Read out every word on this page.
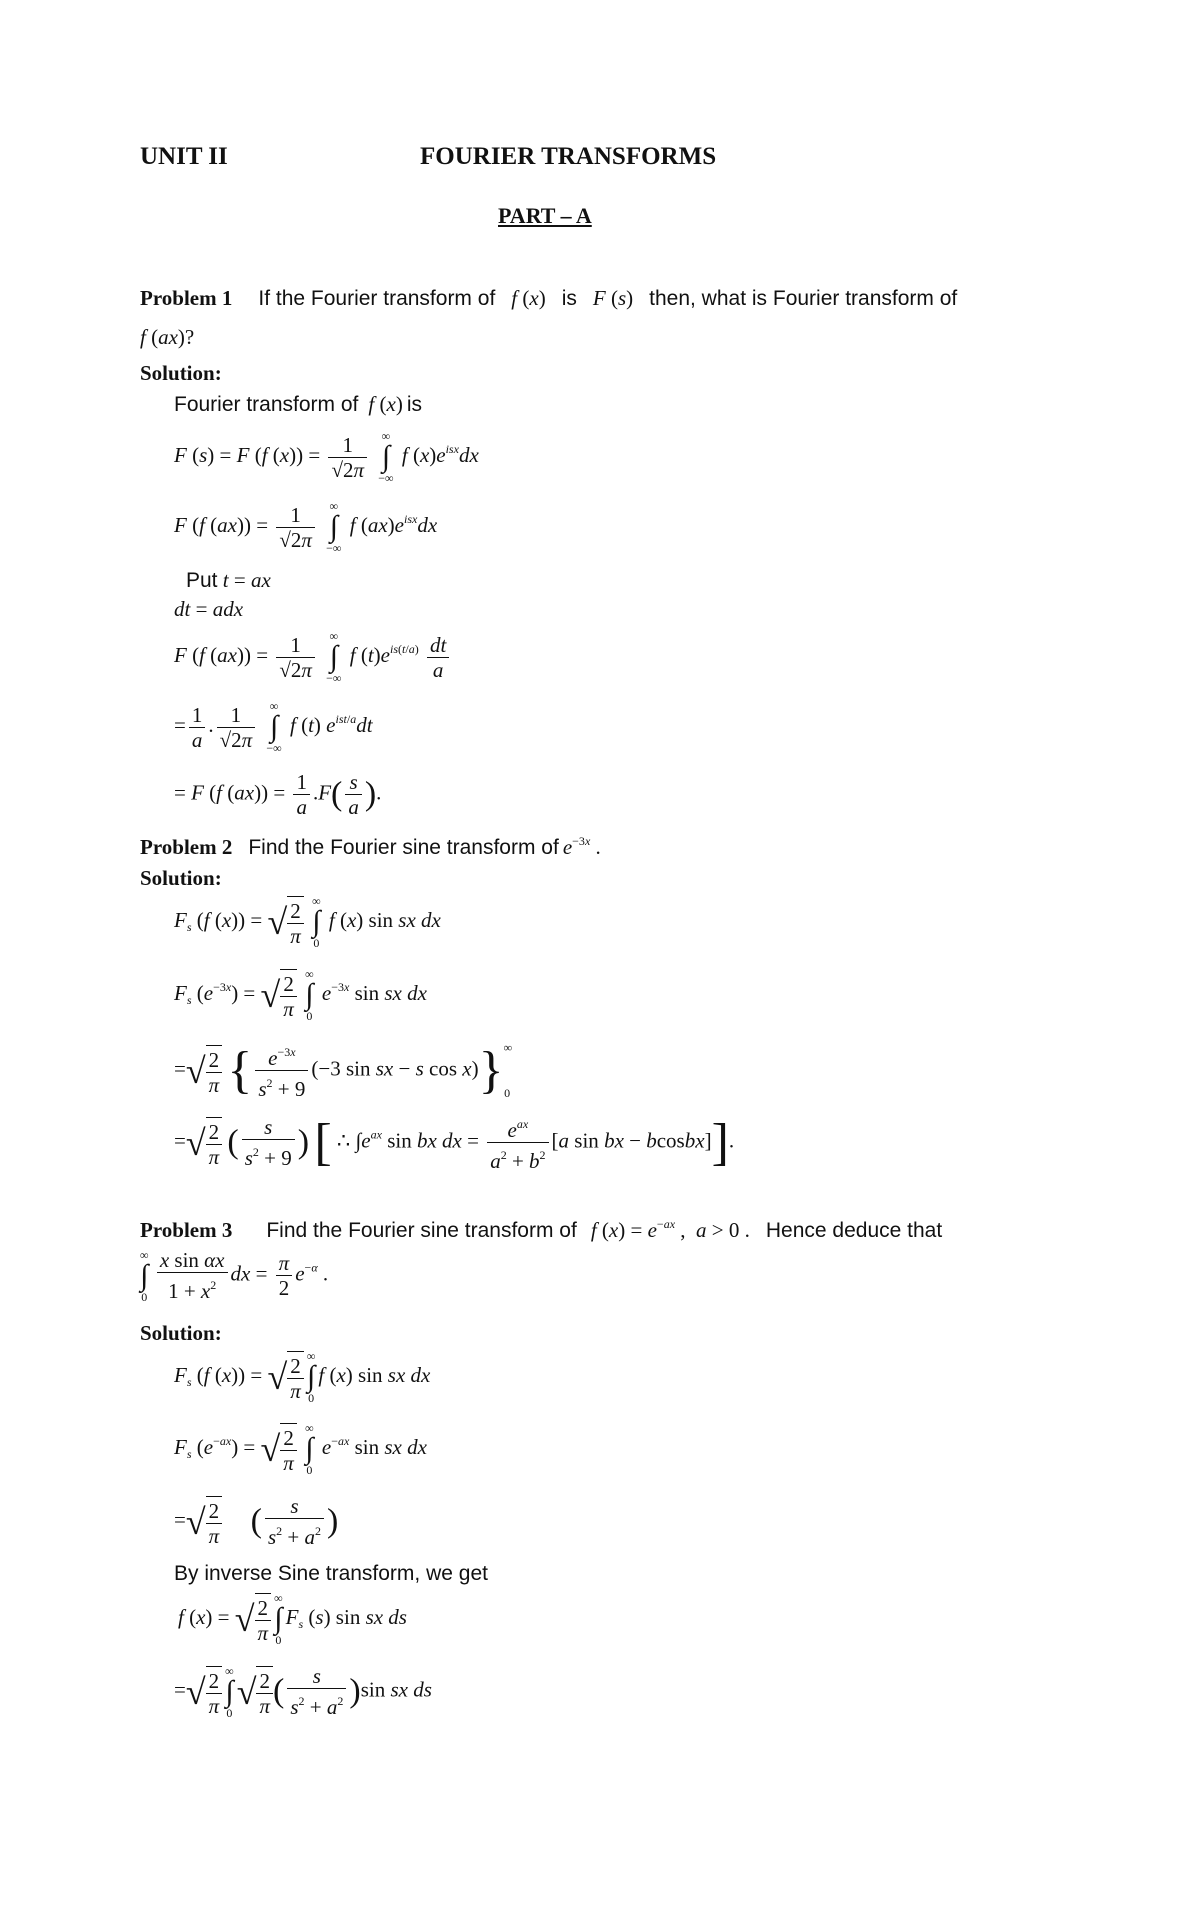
UNIT II	FOURIER TRANSFORMS
PART – A
Problem 1 If the Fourier transform of f (x) is F (s) then, what is Fourier transform of
f (ax)?
Solution:
Fourier transform of f (x) is
F (s) = F (f $(x)) = \frac{1}{√2\pi}$
∞
∫
−∞
f $(x)e^{isx}dx$
F (f $(ax)) = \frac{1}{√2\pi}$
∞
∫
−∞
f $(ax)e^{isx}dx$
Put t = ax
dt = adx
F (f $(ax)) = \frac{1}{√2\pi}$
∞
∫
−∞
f $(t)e^{is(t/a)} \frac{dt}{a}$
= $\frac{1}{a}$ . $\frac{1}{√2\pi}$
∞
∫
−∞
f (t) $e^{ist/a}dt$
= F (f $(ax)) = \frac{1}{a} .F( \frac{s}{a}$ ).
Problem 2 Find the Fourier sine transform of $e^{-3x}$ .
Solution:
$F_s$ (f (x)) = √ $\frac{2}{\pi}$
∞
∫
0
f (x) sin sx dx
$F_s$ $(e^{-3x})$ = √ $\frac{2}{\pi}$
∞
∫
0
$e^{-3x}$ sin sx dx
=√ $\frac{2}{\pi}$ { $\frac{e^{-3x}}{s^2 + 9} (-3$ sin sx − s $\cos x)\}^\infty_0$
=√ $\frac{2}{\pi}$ ( $\frac{s}{s^2 + 9}$ ) [ ∴ $\int e^{ax}$ sin bx dx = $\frac{e^{ax}}{a^2 + b^2} [a$ sin bx − bcosbx]].
Problem 3 Find the Fourier sine transform of f $(x) = e^{-ax}$ ,  a > 0 . Hence deduce that
∞
∫
0
$\frac{\text{x sin αx}}{1 + x^2}$ dx = $\frac{\pi}{2} e^{-\alpha}$ .
Solution:
$F_s$ (f (x)) = √ $\frac{2}{\pi}$ ∞
∫
0
f (x) sin sx dx
$F_s$ $(e^{-ax})$ = √ $\frac{2}{\pi}$
∞
∫
0
$e^{-ax}$ sin sx dx
=√ $\frac{2}{\pi}$ ( $\frac{s}{s^2 + a^2}$ )
By inverse Sine transform, we get
f (x) = √ $\frac{2}{\pi}$ ∞
∫
0
$F_s$ (s) sin sx ds
=√ $\frac{2}{\pi}$ ∞
∫
0
√ $\frac{2}{\pi}$ ( $\frac{s}{s^2 + a^2} )\sin$ sx ds
